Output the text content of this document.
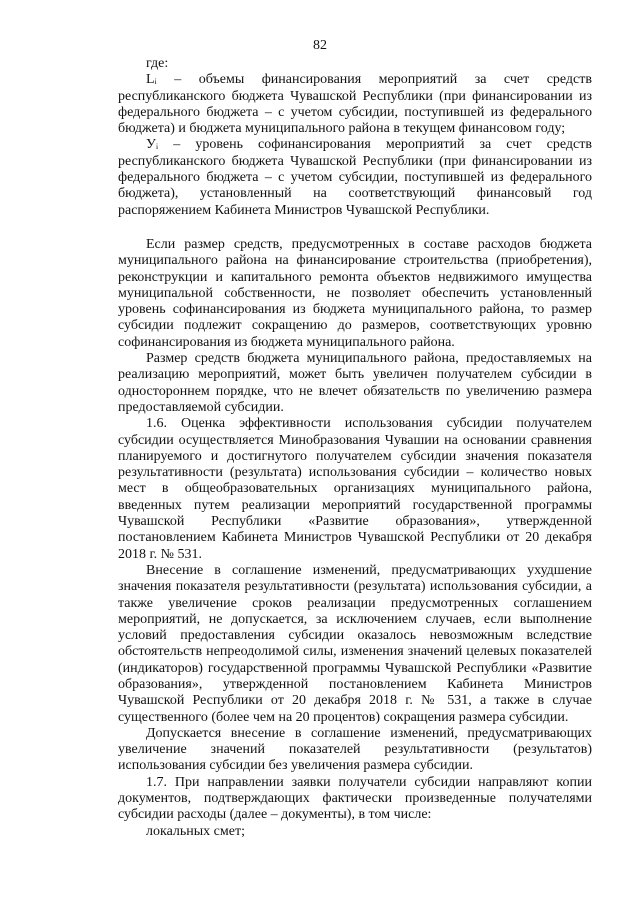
82

где:

Lᵢ – объемы финансирования мероприятий за счет средств республиканского бюджета Чувашской Республики (при финансировании из федерального бюджета – с учетом субсидии, поступившей из федерального бюджета) и бюджета муниципального района в текущем финансовом году;

Уᵢ – уровень софинансирования мероприятий за счет средств республиканского бюджета Чувашской Республики (при финансировании из федерального бюджета – с учетом субсидии, поступившей из федерального бюджета), установленный на соответствующий финансовый год распоряжением Кабинета Министров Чувашской Республики.

Если размер средств, предусмотренных в составе расходов бюджета муниципального района на финансирование строительства (приобретения), реконструкции и капитального ремонта объектов недвижимого имущества муниципальной собственности, не позволяет обеспечить установленный уровень софинансирования из бюджета муниципального района, то размер субсидии подлежит сокращению до размеров, соответствующих уровню софинансирования из бюджета муниципального района.

Размер средств бюджета муниципального района, предоставляемых на реализацию мероприятий, может быть увеличен получателем субсидии в одностороннем порядке, что не влечет обязательств по увеличению размера предоставляемой субсидии.

1.6. Оценка эффективности использования субсидии получателем субсидии осуществляется Минобразования Чувашии на основании сравнения планируемого и достигнутого получателем субсидии значения показателя результативности (результата) использования субсидии – количество новых мест в общеобразовательных организациях муниципального района, введенных путем реализации мероприятий государственной программы Чувашской Республики «Развитие образования», утвержденной постановлением Кабинета Министров Чувашской Республики от 20 декабря 2018 г. № 531.

Внесение в соглашение изменений, предусматривающих ухудшение значения показателя результативности (результата) использования субсидии, а также увеличение сроков реализации предусмотренных соглашением мероприятий, не допускается, за исключением случаев, если выполнение условий предоставления субсидии оказалось невозможным вследствие обстоятельств непреодолимой силы, изменения значений целевых показателей (индикаторов) государственной программы Чувашской Республики «Развитие образования», утвержденной постановлением Кабинета Министров Чувашской Республики от 20 декабря 2018 г. № 531, а также в случае существенного (более чем на 20 процентов) сокращения размера субсидии.

Допускается внесение в соглашение изменений, предусматривающих увеличение значений показателей результативности (результатов) использования субсидии без увеличения размера субсидии.

1.7. При направлении заявки получатели субсидии направляют копии документов, подтверждающих фактически произведенные получателями субсидии расходы (далее – документы), в том числе:

локальных смет;
